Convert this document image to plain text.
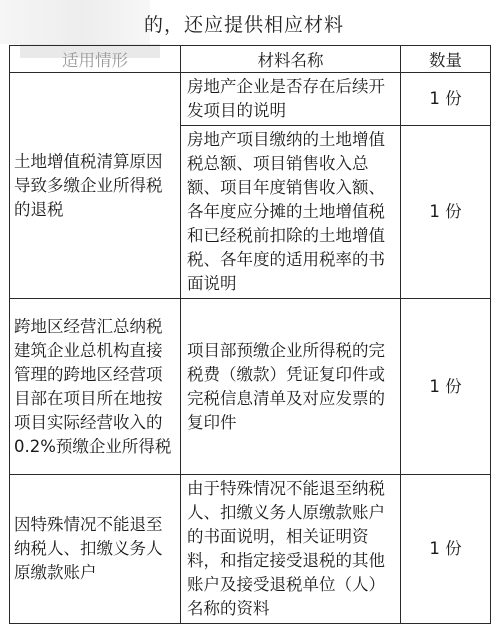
的，还应提供相应材料
适用情形	材料名称	数量
土地增值税清算原因导致多缴企业所得税的退税	房地产企业是否存在后续开发项目的说明	1 份
	房地产项目缴纳的土地增值税总额、项目销售收入总额、项目年度销售收入额、各年度应分摊的土地增值税和已经税前扣除的土地增值税、各年度的适用税率的书面说明	1 份
跨地区经营汇总纳税建筑企业总机构直接管理的跨地区经营项目部在项目所在地按项目实际经营收入的 0.2%预缴企业所得税	项目部预缴企业所得税的完税费（缴款）凭证复印件或完税信息清单及对应发票的复印件	1 份
因特殊情况不能退至纳税人、扣缴义务人原缴款账户	由于特殊情况不能退至纳税人、扣缴义务人原缴款账户的书面说明，相关证明资料，和指定接受退税的其他账户及接受退税单位（人）名称的资料	1 份
